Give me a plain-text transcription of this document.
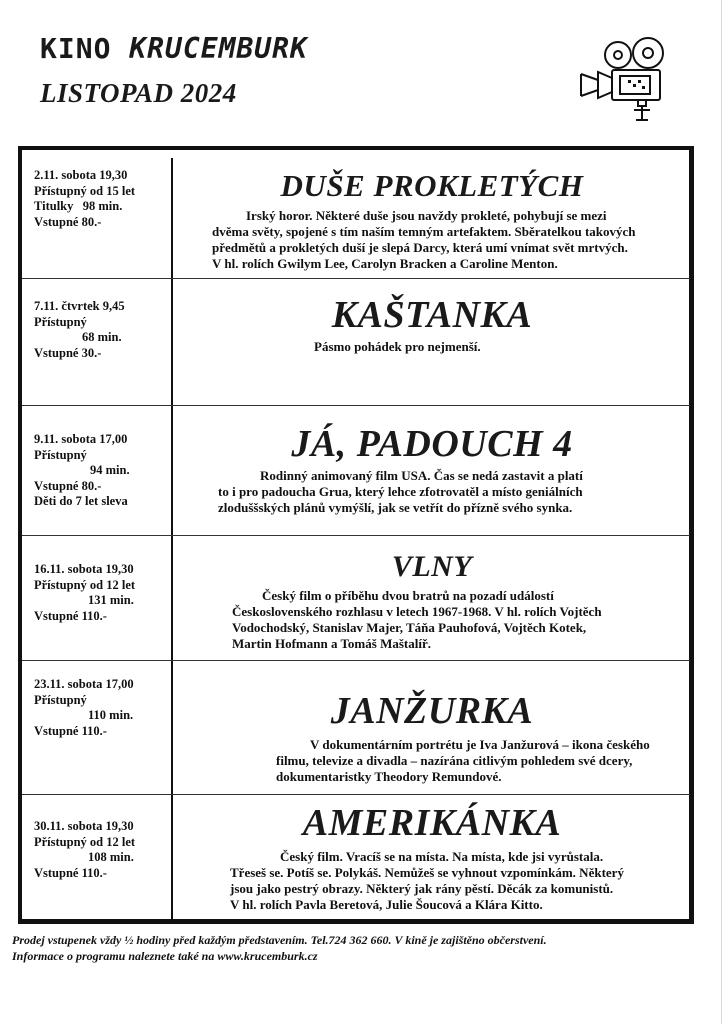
KINO KRUCEMBURK
LISTOPAD 2024
2.11. sobota 19,30
Přístupný od 15 let
Titulky 98 min.
Vstupné 80.-
DUŠE PROKLETÝCH

Irský horor. Některé duše jsou navždy prokleté, pohybují se mezi
dvěma světy, spojené s tím naším temným artefaktem. Sběratelkou takových
předmětů a prokletých duší je slepá Darcy, která umí vnímat svět mrtvých.
V hl. rolích Gwilym Lee, Carolyn Bracken a Caroline Menton.

7.11. čtvrtek 9,45
Přístupný
68 min.
Vstupné 30.-
KAŠTANKA

Pásmo pohádek pro nejmenší.

9.11. sobota 17,00
Přístupný
94 min.
Vstupné 80.-
Děti do 7 let sleva
JÁ, PADOUCH 4

Rodinný animovaný film USA. Čas se nedá zastavit a platí
to i pro padoucha Grua, který lehce zfotrovatěl a místo geniálních
zloduššských plánů vymýšlí, jak se vetřít do přízně svého synka.

16.11. sobota 19,30
Přístupný od 12 let
131 min.
Vstupné 110.-
VLNY

Český film o příběhu dvou bratrů na pozadí událostí
Československého rozhlasu v letech 1967-1968. V hl. rolích Vojtěch
Vodochodský, Stanislav Majer, Táňa Pauhofová, Vojtěch Kotek,
Martin Hofmann a Tomáš Maštalíř.

23.11. sobota 17,00
Přístupný
110 min.
Vstupné 110.-	JANŽURKA

V dokumentárním portrétu je Iva Janžurová – ikona českého
filmu, televize a divadla – nazírána citlivým pohledem své dcery,
dokumentaristky Theodory Remundové.

30.11. sobota 19,30
Přístupný od 12 let
108 min.
Vstupné 110.-
AMERIKÁNKA

Český film. Vracíš se na místa. Na místa, kde jsi vyrůstala.
Třeseš se. Potíš se. Polykáš. Nemůžeš se vyhnout vzpomínkám. Některý
jsou jako pestrý obrazy. Některý jak rány pěstí. Děcák za komunistů.
V hl. rolích Pavla Beretová, Julie Šoucová a Klára Kitto.

Prodej vstupenek vždy ½ hodiny před každým představením. Tel.724 362 660. V kině je zajištěno občerstvení.
Informace o programu naleznete také na www.krucemburk.cz
